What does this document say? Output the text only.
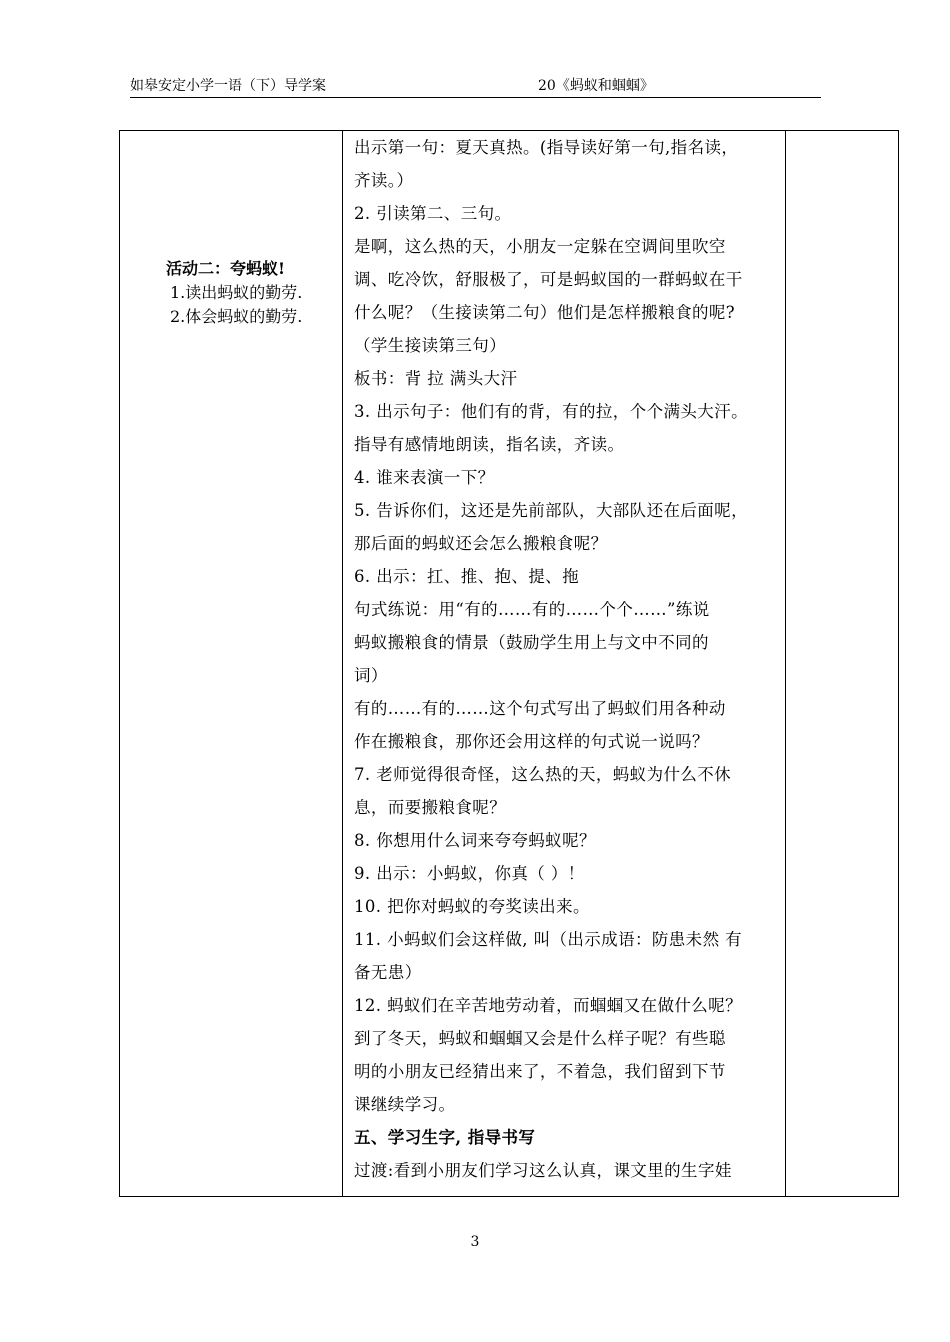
如皋安定小学一语（下）导学案	20《蚂蚁和蝈蝈》
活动二：夸蚂蚁!
1.读出蚂蚁的勤劳.
2.体会蚂蚁的勤劳.
出示第一句：夏天真热。(指导读好第一句,指名读，
齐读。）
2. 引读第二、三句。
是啊，这么热的天，小朋友一定躲在空调间里吹空
调、吃冷饮，舒服极了，可是蚂蚁国的一群蚂蚁在干
什么呢？（生接读第二句）他们是怎样搬粮食的呢?
（学生接读第三句）
板书：背 拉 满头大汗
3. 出示句子：他们有的背，有的拉，个个满头大汗。
指导有感情地朗读，指名读，齐读。
4. 谁来表演一下？
5. 告诉你们，这还是先前部队，大部队还在后面呢，
那后面的蚂蚁还会怎么搬粮食呢？
6. 出示：扛、推、抱、提、拖
句式练说：用“有的……有的……个个……”练说
蚂蚁搬粮食的情景（鼓励学生用上与文中不同的
词）
有的……有的……这个句式写出了蚂蚁们用各种动
作在搬粮食，那你还会用这样的句式说一说吗？
7. 老师觉得很奇怪，这么热的天，蚂蚁为什么不休
息，而要搬粮食呢？
8. 你想用什么词来夸夸蚂蚁呢？
9. 出示：小蚂蚁，你真（ ）！
10. 把你对蚂蚁的夸奖读出来。
11. 小蚂蚁们会这样做, 叫（出示成语：防患未然 有
备无患）
12. 蚂蚁们在辛苦地劳动着，而蝈蝈又在做什么呢？
到了冬天，蚂蚁和蝈蝈又会是什么样子呢？有些聪
明的小朋友已经猜出来了，不着急，我们留到下节
课继续学习。
五、学习生字, 指导书写
过渡:看到小朋友们学习这么认真，课文里的生字娃
3
